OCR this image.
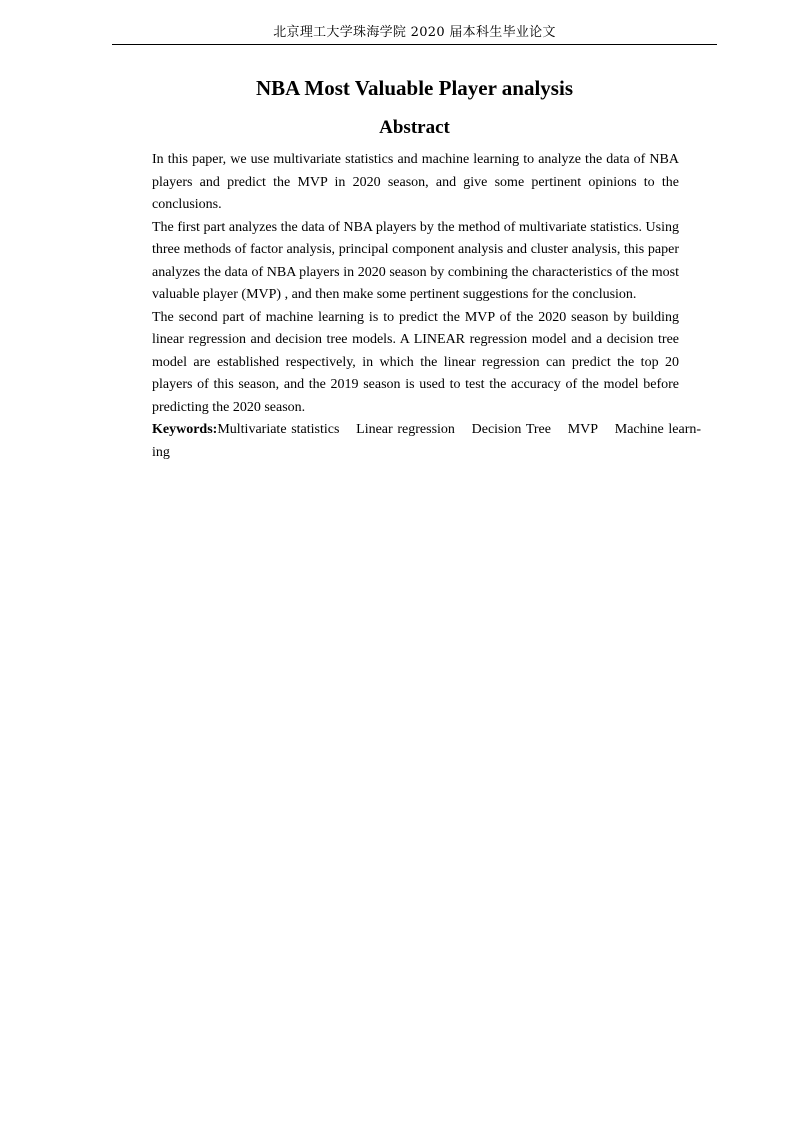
北京理工大学珠海学院 2020 届本科生毕业论文
NBA Most Valuable Player analysis
Abstract

In this paper, we use multivariate statistics and machine learning to analyze the data of NBA players and predict the MVP in 2020 season, and give some pertinent opinions to the conclusions.

The first part analyzes the data of NBA players by the method of multivariate statistics. Using three methods of factor analysis, principal component analysis and cluster analysis, this paper analyzes the data of NBA players in 2020 season by combining the characteristics of the most valuable player (MVP) , and then make some pertinent suggestions for the conclusion.

The second part of machine learning is to predict the MVP of the 2020 season by building linear regression and decision tree models. A LINEAR regression model and a decision tree model are established respectively, in which the linear regression can predict the top 20 players of this season, and the 2019 season is used to test the accuracy of the model before predicting the 2020 season.

Keywords:Multivariate statistics Linear regression Decision Tree MVP Machine learn-ing
